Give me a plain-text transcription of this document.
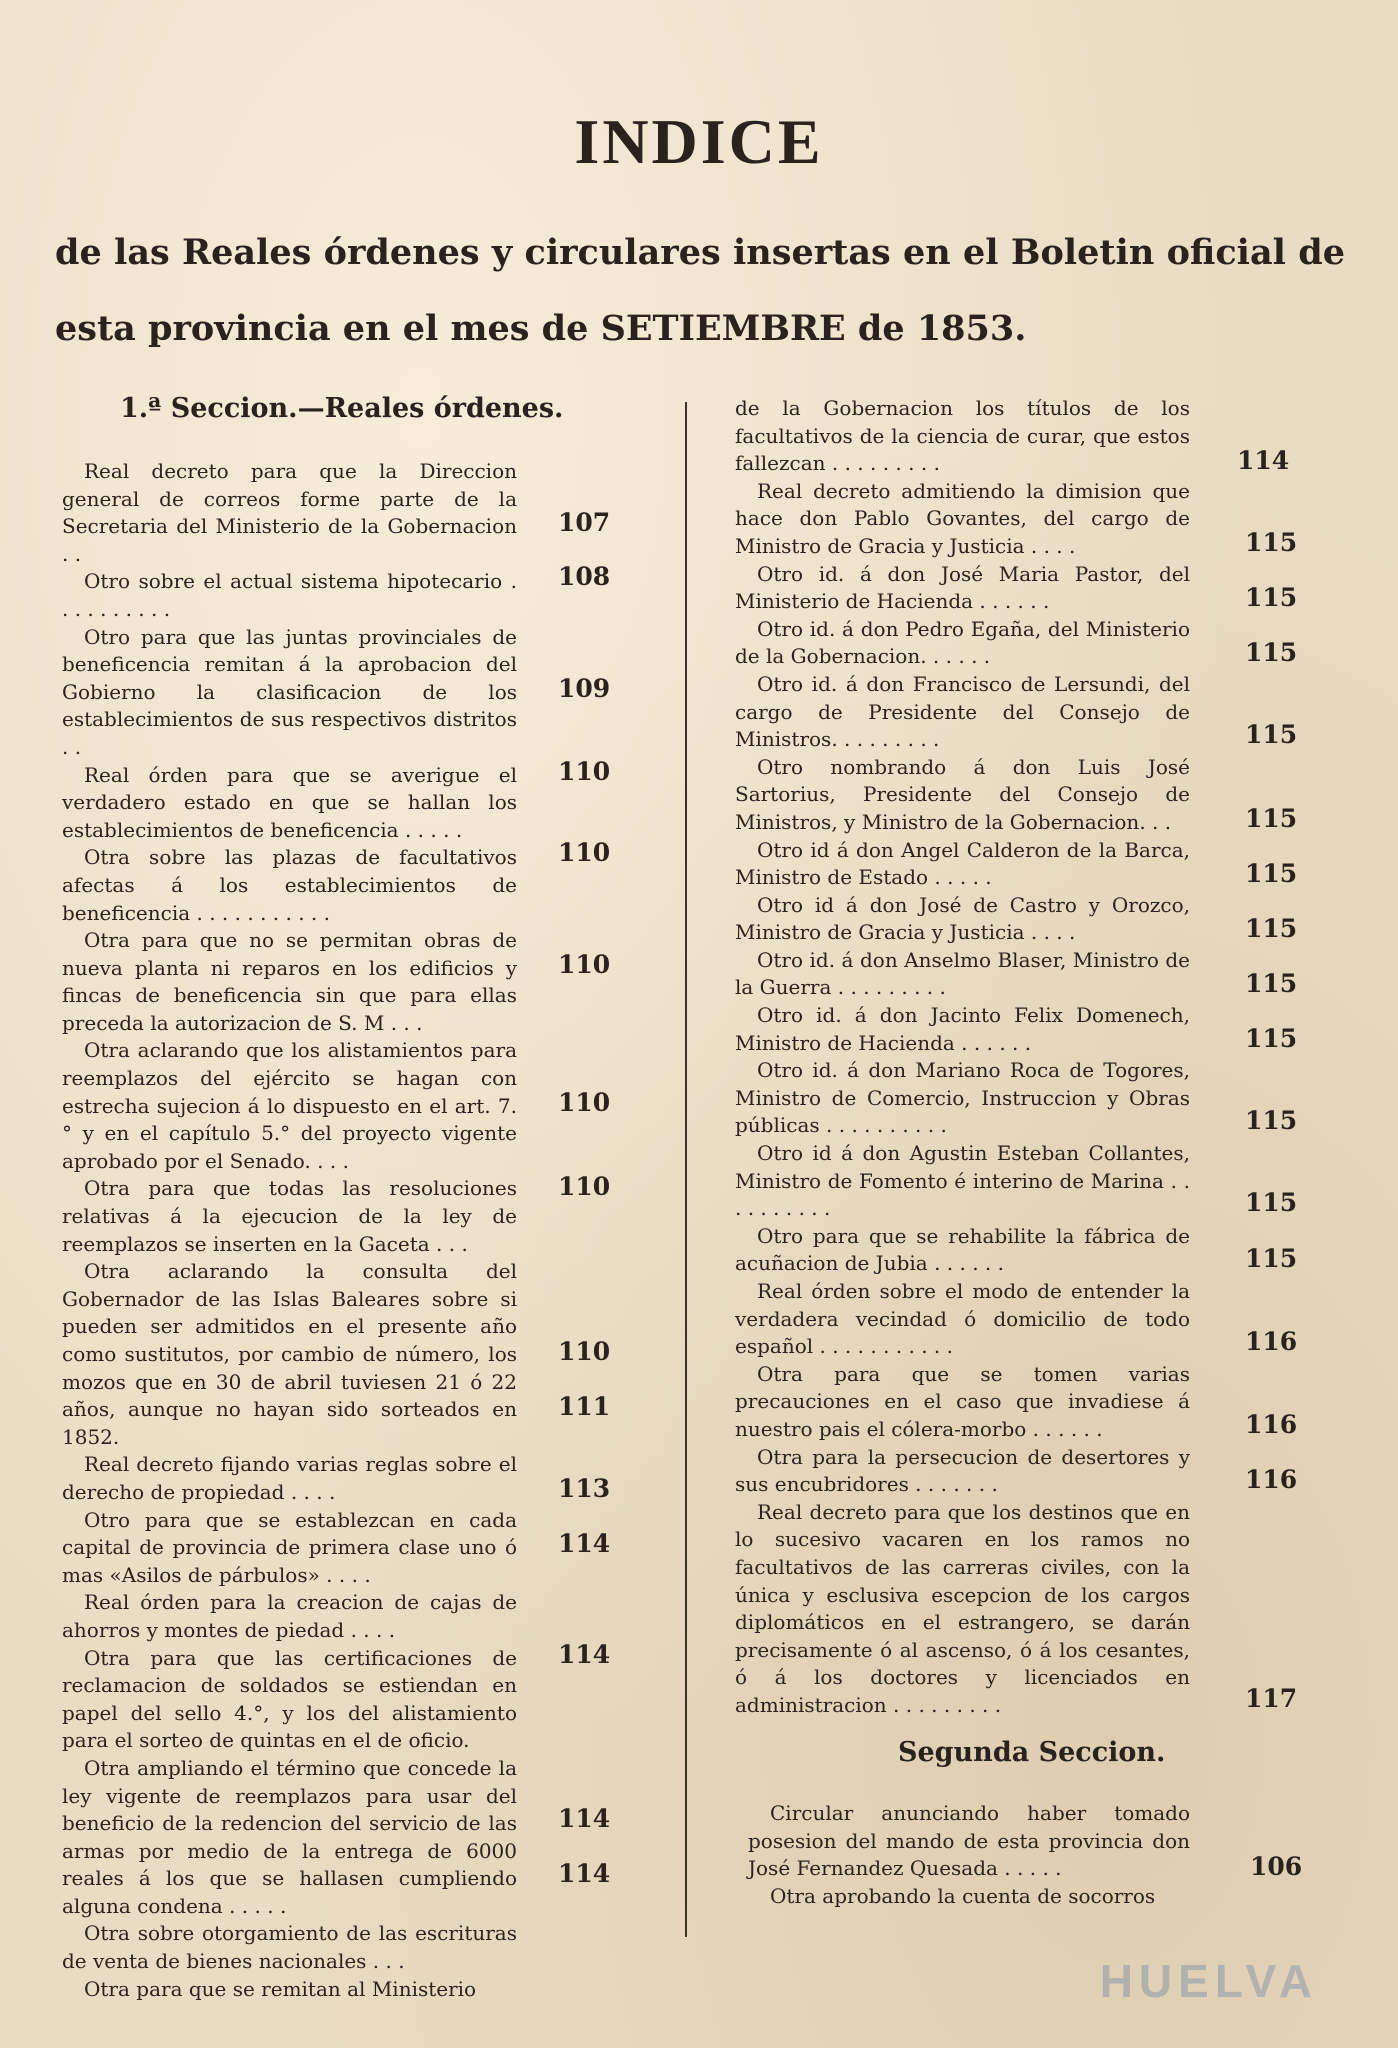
INDICE
de las Reales órdenes y circulares insertas en el Boletin oficial de esta provincia en el mes de SETIEMBRE de 1853.
1.ª Seccion.—Reales órdenes.

Real decreto para que la Direccion general de correos forme parte de la Secretaria del Ministerio de la Gobernacion . .

Otro sobre el actual sistema hipotecario . . . . . . . . . .

Otro para que las juntas provinciales de beneficencia remitan á la aprobacion del Gobierno la clasificacion de los establecimientos de sus respectivos distritos . .

Real órden para que se averigue el verdadero estado en que se hallan los establecimientos de beneficencia . . . . .

Otra sobre las plazas de facultativos afectas á los establecimientos de beneficencia . . . . . . . . . . .

Otra para que no se permitan obras de nueva planta ni reparos en los edificios y fincas de beneficencia sin que para ellas preceda la autorizacion de S. M . . .

Otra aclarando que los alistamientos para reemplazos del ejército se hagan con estrecha sujecion á lo dispuesto en el art. 7.° y en el capítulo 5.° del proyecto vigente aprobado por el Senado. . . .

Otra para que todas las resoluciones relativas á la ejecucion de la ley de reemplazos se inserten en la Gaceta . . .

Otra aclarando la consulta del Gobernador de las Islas Baleares sobre si pueden ser admitidos en el presente año como sustitutos, por cambio de número, los mozos que en 30 de abril tuviesen 21 ó 22 años, aunque no hayan sido sorteados en 1852.

Real decreto fijando varias reglas sobre el derecho de propiedad . . . .

Otro para que se establezcan en cada capital de provincia de primera clase uno ó mas «Asilos de párbulos» . . . .

Real órden para la creacion de cajas de ahorros y montes de piedad . . . .

Otra para que las certificaciones de reclamacion de soldados se estiendan en papel del sello 4.°, y los del alistamiento para el sorteo de quintas en el de oficio.

Otra ampliando el término que concede la ley vigente de reemplazos para usar del beneficio de la redencion del servicio de las armas por medio de la entrega de 6000 reales á los que se hallasen cumpliendo alguna condena . . . . .

Otra sobre otorgamiento de las escrituras de venta de bienes nacionales . . .

Otra para que se remitan al Ministerio

107
108
109
110
110
110
110
110
110
111
113
114
114
114
114

de la Gobernacion los títulos de los facultativos de la ciencia de curar, que estos fallezcan . . . . . . . . .

Real decreto admitiendo la dimision que hace don Pablo Govantes, del cargo de Ministro de Gracia y Justicia . . . .

Otro id. á don José Maria Pastor, del Ministerio de Hacienda . . . . . .

Otro id. á don Pedro Egaña, del Ministerio de la Gobernacion. . . . . .

Otro id. á don Francisco de Lersundi, del cargo de Presidente del Consejo de Ministros. . . . . . . . .

Otro nombrando á don Luis José Sartorius, Presidente del Consejo de Ministros, y Ministro de la Gobernacion. . .

Otro id á don Angel Calderon de la Barca, Ministro de Estado . . . . .

Otro id á don José de Castro y Orozco, Ministro de Gracia y Justicia . . . .

Otro id. á don Anselmo Blaser, Ministro de la Guerra . . . . . . . . .

Otro id. á don Jacinto Felix Domenech, Ministro de Hacienda . . . . . .

Otro id. á don Mariano Roca de Togores, Ministro de Comercio, Instruccion y Obras públicas . . . . . . . . . .

Otro id á don Agustin Esteban Collantes, Ministro de Fomento é interino de Marina . . . . . . . . . .

Otro para que se rehabilite la fábrica de acuñacion de Jubia . . . . . .

Real órden sobre el modo de entender la verdadera vecindad ó domicilio de todo español . . . . . . . . . . .

Otra para que se tomen varias precauciones en el caso que invadiese á nuestro pais el cólera-morbo . . . . . .

Otra para la persecucion de desertores y sus encubridores . . . . . . .

Real decreto para que los destinos que en lo sucesivo vacaren en los ramos no facultativos de las carreras civiles, con la única y esclusiva escepcion de los cargos diplomáticos en el estrangero, se darán precisamente ó al ascenso, ó á los cesantes, ó á los doctores y licenciados en administracion . . . . . . . . .

114
115
115
115
115
115
115
115
115
115
115
115
115
116
116
116
117
Segunda Seccion.

Circular anunciando haber tomado posesion del mando de esta provincia don José Fernandez Quesada . . . . .

Otra aprobando la cuenta de socorros

106
HUELVA
